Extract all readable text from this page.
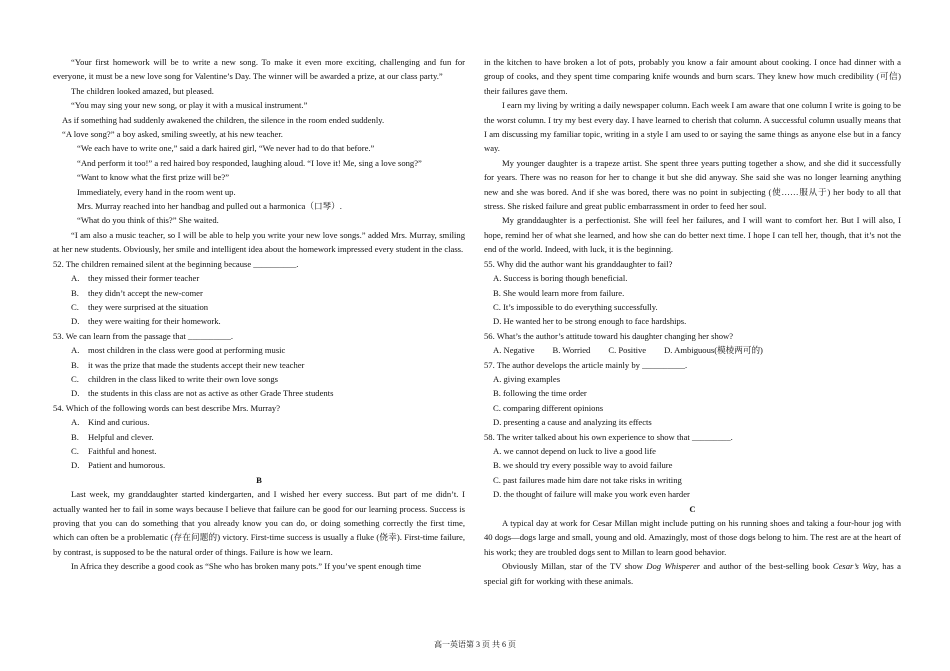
“Your first homework will be to write a new song. To make it even more exciting, challenging and fun for everyone, it must be a new love song for Valentine’s Day. The winner will be awarded a prize, at our class party.”

The children looked amazed, but pleased.

“You may sing your new song, or play it with a musical instrument.”

As if something had suddenly awakened the children, the silence in the room ended suddenly.

“A love song?” a boy asked, smiling sweetly, at his new teacher.

“We each have to write one,” said a dark haired girl, “We never had to do that before.”

“And perform it too!” a red haired boy responded, laughing aloud. “I love it! Me, sing a love song?”

“Want to know what the first prize will be?”

Immediately, every hand in the room went up.

Mrs. Murray reached into her handbag and pulled out a harmonica（口琴）.

“What do you think of this?” She waited.

“I am also a music teacher, so I will be able to help you write your new love songs.” added Mrs. Murray, smiling at her new students. Obviously, her smile and intelligent idea about the homework impressed every student in the class.

52. The children remained silent at the beginning because __________.

A.	they missed their former teacher
B.	they didn’t accept the new-comer
C.	they were surprised at the situation
D.	they were waiting for their homework.

53. We can learn from the passage that __________.

A.	most children in the class were good at performing music
B.	it was the prize that made the students accept their new teacher
C.	children in the class liked to write their own love songs
D.	the students in this class are not as active as other Grade Three students

54. Which of the following words can best describe Mrs. Murray?

A.	Kind and curious.
B.	Helpful and clever.
C.	Faithful and honest.
D.	Patient and humorous.

B

Last week, my granddaughter started kindergarten, and I wished her every success. But part of me didn’t. I actually wanted her to fail in some ways because I believe that failure can be good for our learning process. Success is proving that you can do something that you already know you can do, or doing something correctly the first time, which can often be a problematic (存在问题的) victory. First-time success is usually a fluke (侥幸). First-time failure, by contrast, is supposed to be the natural order of things. Failure is how we learn.

In Africa they describe a good cook as “She who has broken many pots.” If you’ve spent enough time

in the kitchen to have broken a lot of pots, probably you know a fair amount about cooking. I once had dinner with a group of cooks, and they spent time comparing knife wounds and burn scars. They knew how much credibility (可信) their failures gave them.

I earn my living by writing a daily newspaper column. Each week I am aware that one column I write is going to be the worst column. I try my best every day. I have learned to cherish that column. A successful column usually means that I am discussing my familiar topic, writing in a style I am used to or saying the same things as anyone else but in a fancy way.

My younger daughter is a trapeze artist. She spent three years putting together a show, and she did it successfully for years. There was no reason for her to change it but she did anyway. She said she was no longer learning anything new and she was bored. And if she was bored, there was no point in subjecting (使……服从于) her body to all that stress. She risked failure and great public embarrassment in order to feed her soul.

My granddaughter is a perfectionist. She will feel her failures, and I will want to comfort her. But I will also, I hope, remind her of what she learned, and how she can do better next time. I hope I can tell her, though, that it’s not the end of the world. Indeed, with luck, it is the beginning.

55. Why did the author want his granddaughter to fail?

A. Success is boring though beneficial.

B. She would learn more from failure.

C. It’s impossible to do everything successfully.

D. He wanted her to be strong enough to face hardships.

56. What’s the author’s attitude toward his daughter changing her show?

A. Negative B. Worried C. Positive D. Ambiguous(模棱两可的)

57. The author develops the article mainly by __________.

A. giving examples

B. following the time order

C. comparing different opinions

D. presenting a cause and analyzing its effects

58. The writer talked about his own experience to show that _________.

A. we cannot depend on luck to live a good life

B. we should try every possible way to avoid failure

C. past failures made him dare not take risks in writing

D. the thought of failure will make you work even harder

C

A typical day at work for Cesar Millan might include putting on his running shoes and taking a four-hour jog with 40 dogs—dogs large and small, young and old. Amazingly, most of those dogs belong to him. The rest are at the heart of his work; they are troubled dogs sent to Millan to learn good behavior.

Obviously Millan, star of the TV show Dog Whisperer and author of the best-selling book Cesar’s Way, has a special gift for working with these animals.

高一英语第 3 页 共 6 页
